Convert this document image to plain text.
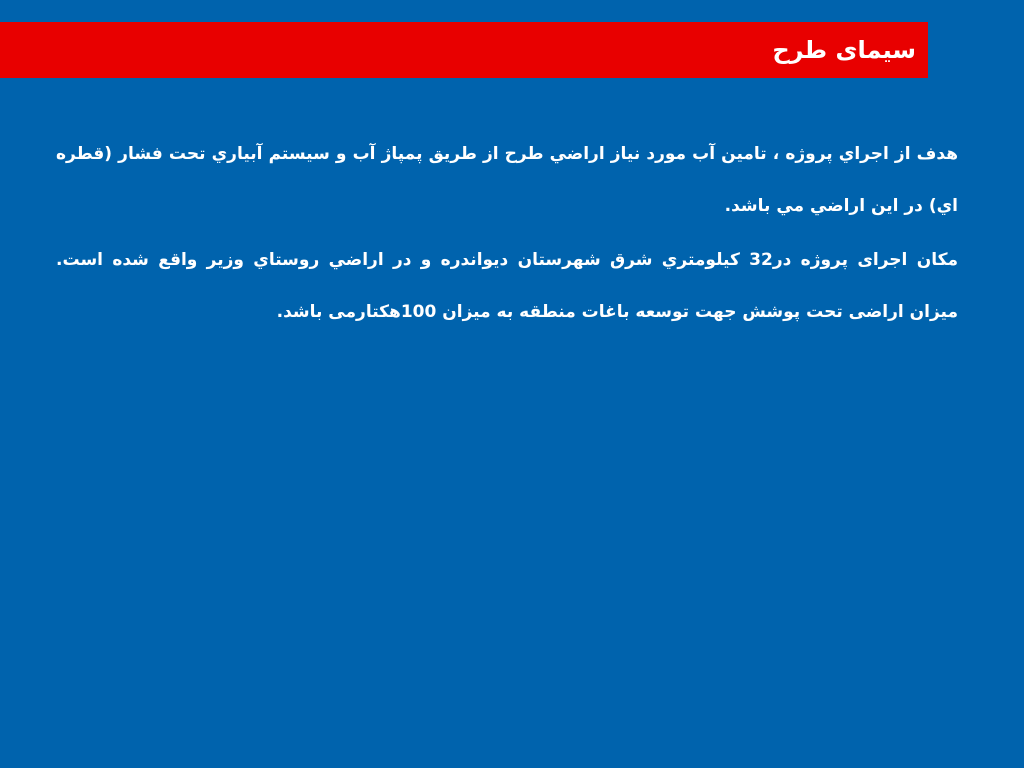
سیمای طرح

هدف از اجراي پروژه ، تامين آب مورد نياز اراضي طرح از طريق پمپاژ آب و سيستم آبياري تحت فشار (قطره اي) در اين اراضي مي باشد.

مکان اجرای پروژه در32 کيلومتري شرق شهرستان ديواندره و در اراضي روستاي وزير واقع شده است. میزان اراضی تحت پوشش جهت توسعه باغات منطقه به میزان 100هکتارمی باشد.
